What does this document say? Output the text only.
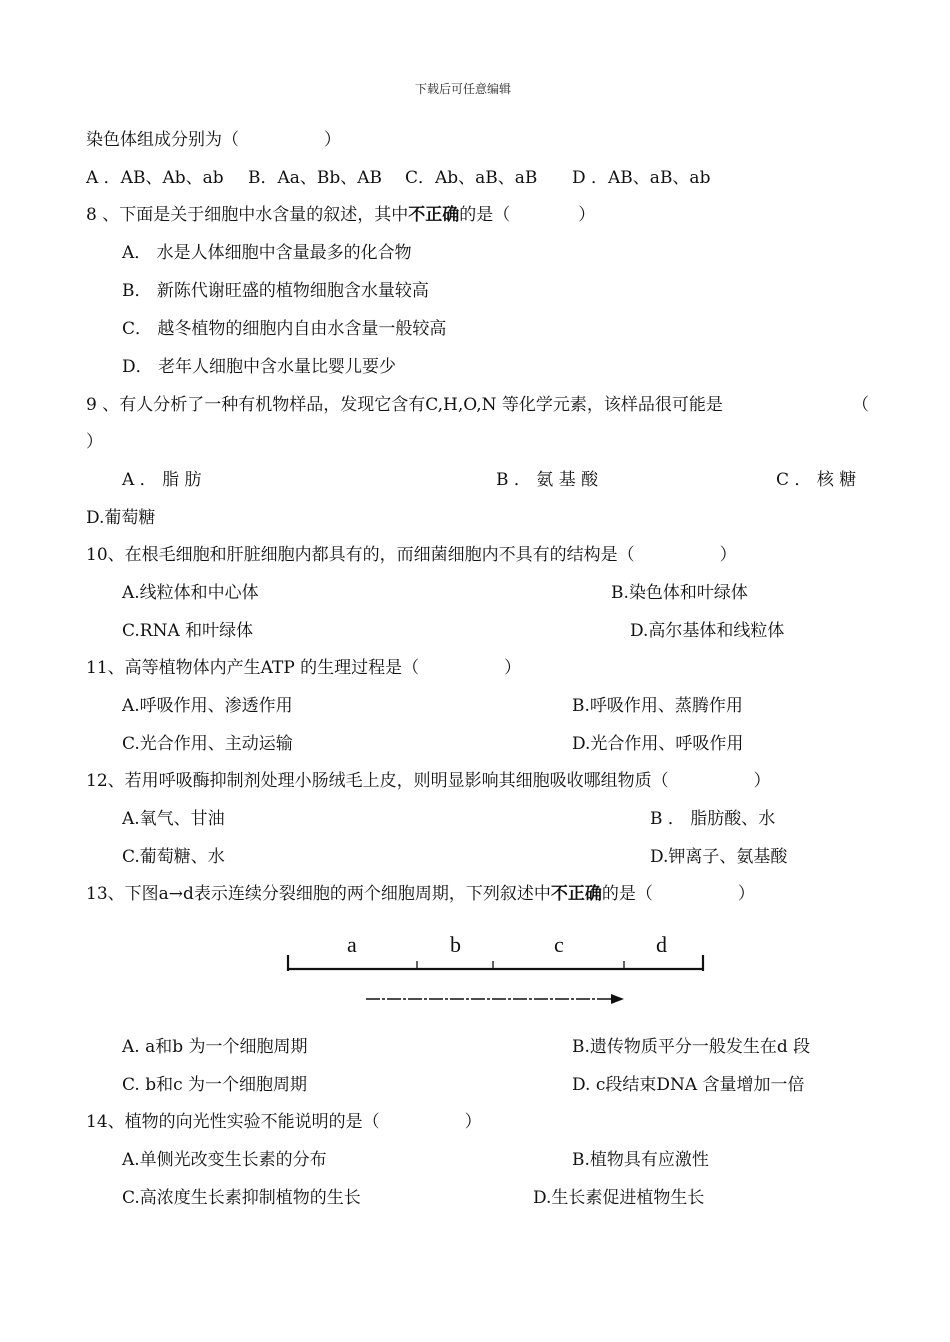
下载后可任意编辑
染色体组成分别为（　　　　　）
A ．AB、Ab、ab B．Aa、Bb、AB C．Ab、aB、aB D ．AB、aB、ab
8 、下面是关于细胞中水含量的叙述，其中不正确的是（　　　　）
A． 水是人体细胞中含量最多的化合物
B． 新陈代谢旺盛的植物细胞含水量较高
C． 越冬植物的细胞内自由水含量一般较高
D． 老年人细胞中含水量比婴儿要少
9 、有人分析了一种有机物样品，发现它含有C,H,O,N 等化学元素，该样品很可能是	（
）
A ． 脂 肪	B ． 氨 基 酸	C ． 核 糖
D.葡萄糖
10、在根毛细胞和肝脏细胞内都具有的，而细菌细胞内不具有的结构是（　　　　　）
A.线粒体和中心体	B.染色体和叶绿体
C.RNA 和叶绿体	D.高尔基体和线粒体
11、高等植物体内产生ATP 的生理过程是（　　　　　）
A.呼吸作用、渗透作用	B.呼吸作用、蒸腾作用
C.光合作用、主动运输	D.光合作用、呼吸作用
12、若用呼吸酶抑制剂处理小肠绒毛上皮，则明显影响其细胞吸收哪组物质（　　　　　）
A.氧气、甘油	B ． 脂肪酸、水
C.葡萄糖、水	D.钾离子、氨基酸
13、下图a→d表示连续分裂细胞的两个细胞周期，下列叙述中不正确的是（　　　　　）
a	b	c	d
A. a和b 为一个细胞周期	B.遗传物质平分一般发生在d 段
C. b和c 为一个细胞周期	D. c段结束DNA 含量增加一倍
14、植物的向光性实验不能说明的是（　　　　　）
A.单侧光改变生长素的分布	B.植物具有应激性
C.高浓度生长素抑制植物的生长	D.生长素促进植物生长
